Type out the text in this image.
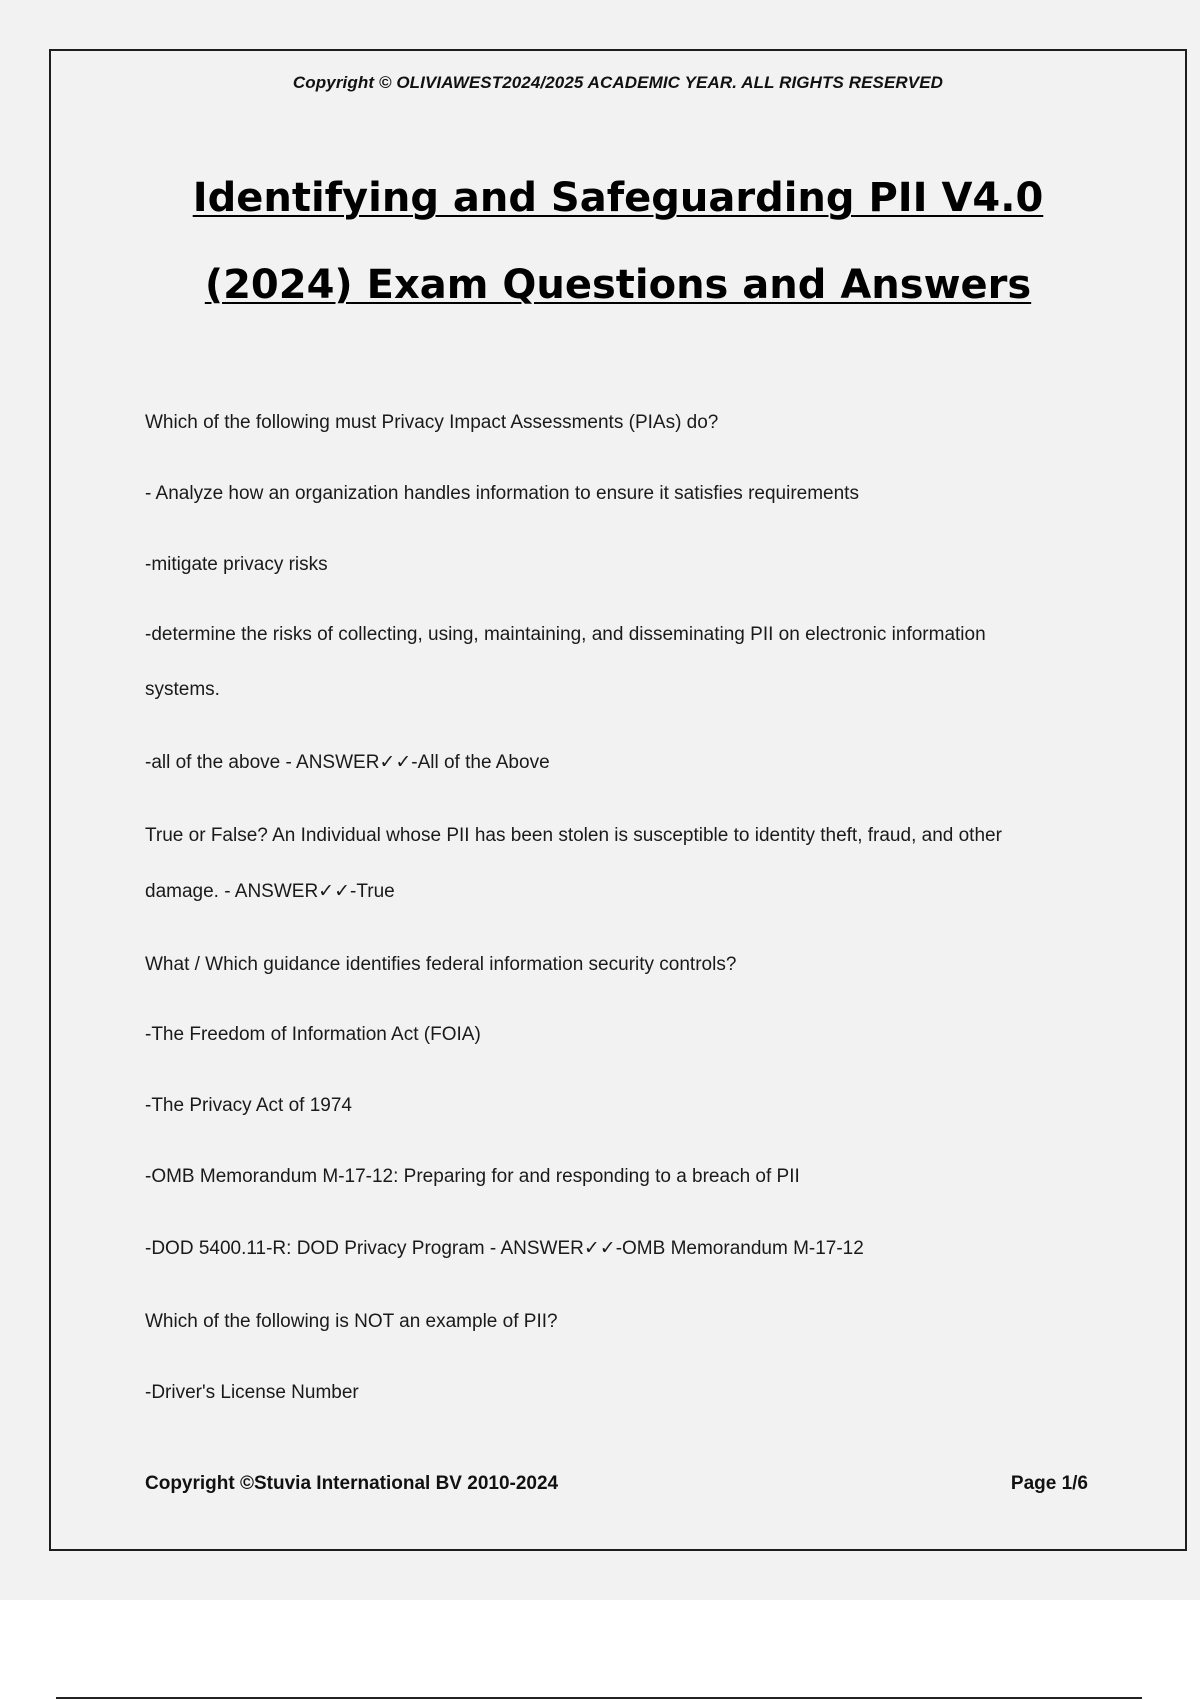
Copyright © OLIVIAWEST2024/2025 ACADEMIC YEAR. ALL RIGHTS RESERVED
Identifying and Safeguarding PII V4.0
(2024) Exam Questions and Answers
Which of the following must Privacy Impact Assessments (PIAs) do?
- Analyze how an organization handles information to ensure it satisfies requirements
-mitigate privacy risks
-determine the risks of collecting, using, maintaining, and disseminating PII on electronic information
systems.
-all of the above - ANSWER✓✓-All of the Above
True or False? An Individual whose PII has been stolen is susceptible to identity theft, fraud, and other
damage. - ANSWER✓✓-True
What / Which guidance identifies federal information security controls?
-The Freedom of Information Act (FOIA)
-The Privacy Act of 1974
-OMB Memorandum M-17-12: Preparing for and responding to a breach of PII
-DOD 5400.11-R: DOD Privacy Program - ANSWER✓✓-OMB Memorandum M-17-12
Which of the following is NOT an example of PII?
-Driver's License Number
Copyright ©Stuvia International BV 2010-2024	Page 1/6
